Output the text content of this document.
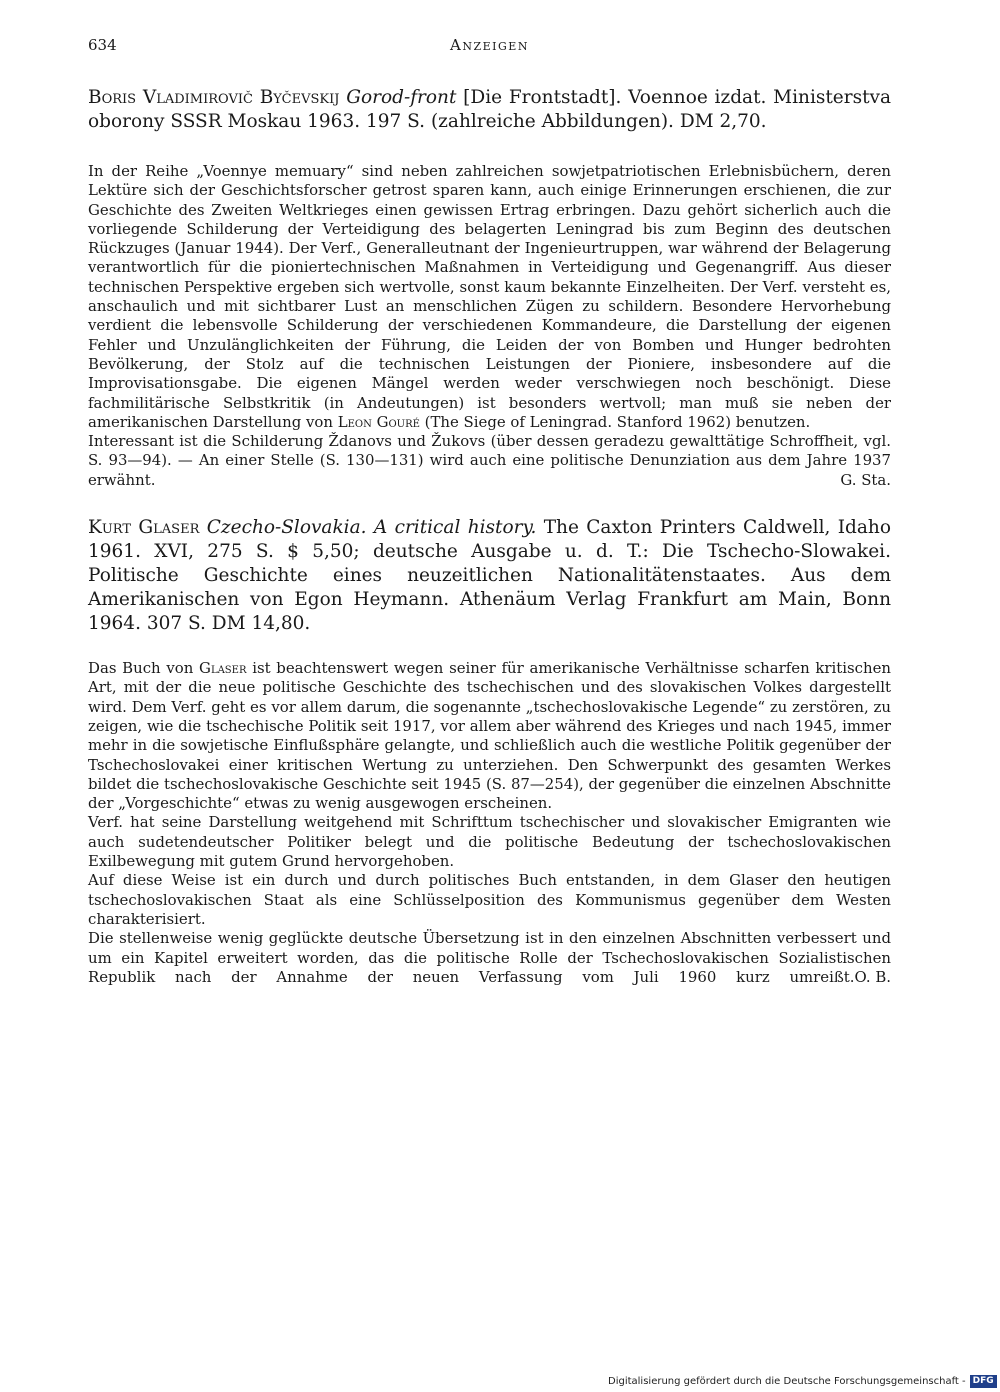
634	Anzeigen

Boris Vladimirovič Byčevskij Gorod-front [Die Frontstadt]. Voennoe izdat. Ministerstva oborony SSSR Moskau 1963. 197 S. (zahlreiche Abbildungen). DM 2,70.

In der Reihe „Voennye memuary“ sind neben zahlreichen sowjetpatriotischen Erlebnisbüchern, deren Lektüre sich der Geschichtsforscher getrost sparen kann, auch einige Erinnerungen erschienen, die zur Geschichte des Zweiten Weltkrieges einen gewissen Ertrag erbringen. Dazu gehört sicherlich auch die vorliegende Schilderung der Verteidigung des belagerten Leningrad bis zum Beginn des deutschen Rückzuges (Januar 1944). Der Verf., Generalleutnant der Ingenieurtruppen, war während der Belagerung verantwortlich für die pioniertechnischen Maßnahmen in Verteidigung und Gegenangriff. Aus dieser technischen Perspektive ergeben sich wertvolle, sonst kaum bekannte Einzelheiten. Der Verf. versteht es, anschaulich und mit sichtbarer Lust an menschlichen Zügen zu schildern. Besondere Hervorhebung verdient die lebensvolle Schilderung der verschiedenen Kommandeure, die Darstellung der eigenen Fehler und Unzulänglichkeiten der Führung, die Leiden der von Bomben und Hunger bedrohten Bevölkerung, der Stolz auf die technischen Leistungen der Pioniere, insbesondere auf die Improvisationsgabe. Die eigenen Mängel werden weder verschwiegen noch beschönigt. Diese fachmilitärische Selbstkritik (in Andeutungen) ist besonders wertvoll; man muß sie neben der amerikanischen Darstellung von Leon Gouré (The Siege of Leningrad. Stanford 1962) benutzen.

Interessant ist die Schilderung Ždanovs und Žukovs (über dessen geradezu gewalttätige Schroffheit, vgl. S. 93—94). — An einer Stelle (S. 130—131) wird auch eine politische Denunziation aus dem Jahre 1937 erwähnt.	G. Sta.

Kurt Glaser Czecho-Slovakia. A critical history. The Caxton Printers Caldwell, Idaho 1961. XVI, 275 S. $ 5,50; deutsche Ausgabe u. d. T.: Die Tschecho-Slowakei. Politische Geschichte eines neuzeitlichen Nationalitätenstaates. Aus dem Amerikanischen von Egon Heymann. Athenäum Verlag Frankfurt am Main, Bonn 1964. 307 S. DM 14,80.

Das Buch von Glaser ist beachtenswert wegen seiner für amerikanische Verhältnisse scharfen kritischen Art, mit der die neue politische Geschichte des tschechischen und des slovakischen Volkes dargestellt wird. Dem Verf. geht es vor allem darum, die sogenannte „tschechoslovakische Legende“ zu zerstören, zu zeigen, wie die tschechische Politik seit 1917, vor allem aber während des Krieges und nach 1945, immer mehr in die sowjetische Einflußsphäre gelangte, und schließlich auch die westliche Politik gegenüber der Tschechoslovakei einer kritischen Wertung zu unterziehen. Den Schwerpunkt des gesamten Werkes bildet die tschechoslovakische Geschichte seit 1945 (S. 87—254), der gegenüber die einzelnen Abschnitte der „Vorgeschichte“ etwas zu wenig ausgewogen erscheinen.

Verf. hat seine Darstellung weitgehend mit Schrifttum tschechischer und slovakischer Emigranten wie auch sudetendeutscher Politiker belegt und die politische Bedeutung der tschechoslovakischen Exilbewegung mit gutem Grund hervorgehoben.

Auf diese Weise ist ein durch und durch politisches Buch entstanden, in dem Glaser den heutigen tschechoslovakischen Staat als eine Schlüsselposition des Kommunismus gegenüber dem Westen charakterisiert.

Die stellenweise wenig geglückte deutsche Übersetzung ist in den einzelnen Abschnitten verbessert und um ein Kapitel erweitert worden, das die politische Rolle der Tschechoslovakischen Sozialistischen Republik nach der Annahme der neuen Verfassung vom Juli 1960 kurz umreißt. O. B.

Digitalisierung gefördert durch die Deutsche Forschungsgemeinschaft - DFG
